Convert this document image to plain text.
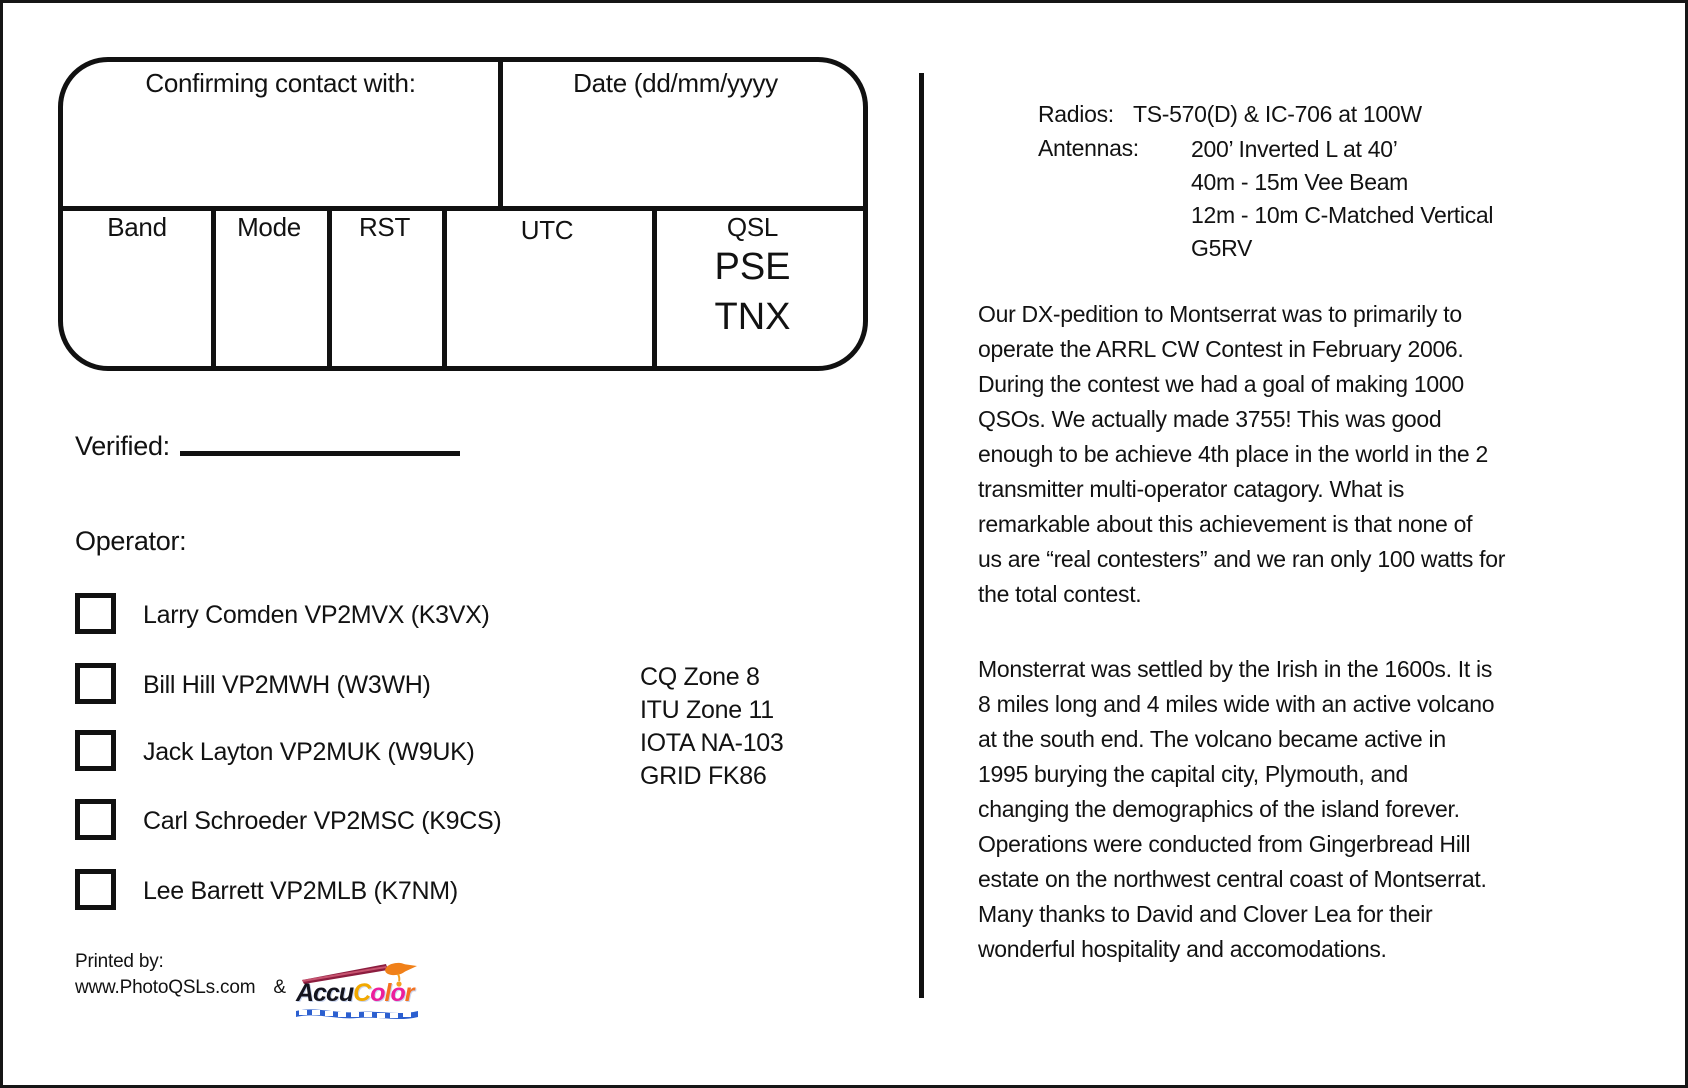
Confirming contact with:	Date (dd/mm/yyyy
Band	Mode	RST	UTC	QSL
PSE
TNX
Verified:
Operator:
Larry Comden VP2MVX (K3VX)
Bill Hill VP2MWH (W3WH)
Jack Layton VP2MUK (W9UK)
Carl Schroeder VP2MSC (K9CS)
Lee Barrett VP2MLB (K7NM)
CQ Zone 8
ITU Zone 11
IOTA NA-103
GRID FK86
Printed by:
www.PhotoQSLs.com & AccuColor
Radios: TS-570(D) & IC-706 at 100W
Antennas: 200’ Inverted L at 40’
40m - 15m Vee Beam
12m - 10m C-Matched Vertical
G5RV
Our DX-pedition to Montserrat was to primarily to
operate the ARRL CW Contest in February 2006.
During the contest we had a goal of making 1000
QSOs. We actually made 3755! This was good
enough to be achieve 4th place in the world in the 2
transmitter multi-operator catagory. What is
remarkable about this achievement is that none of
us are “real contesters” and we ran only 100 watts for
the total contest.
Monsterrat was settled by the Irish in the 1600s. It is
8 miles long and 4 miles wide with an active volcano
at the south end. The volcano became active in
1995 burying the capital city, Plymouth, and
changing the demographics of the island forever.
Operations were conducted from Gingerbread Hill
estate on the northwest central coast of Montserrat.
Many thanks to David and Clover Lea for their
wonderful hospitality and accomodations.
